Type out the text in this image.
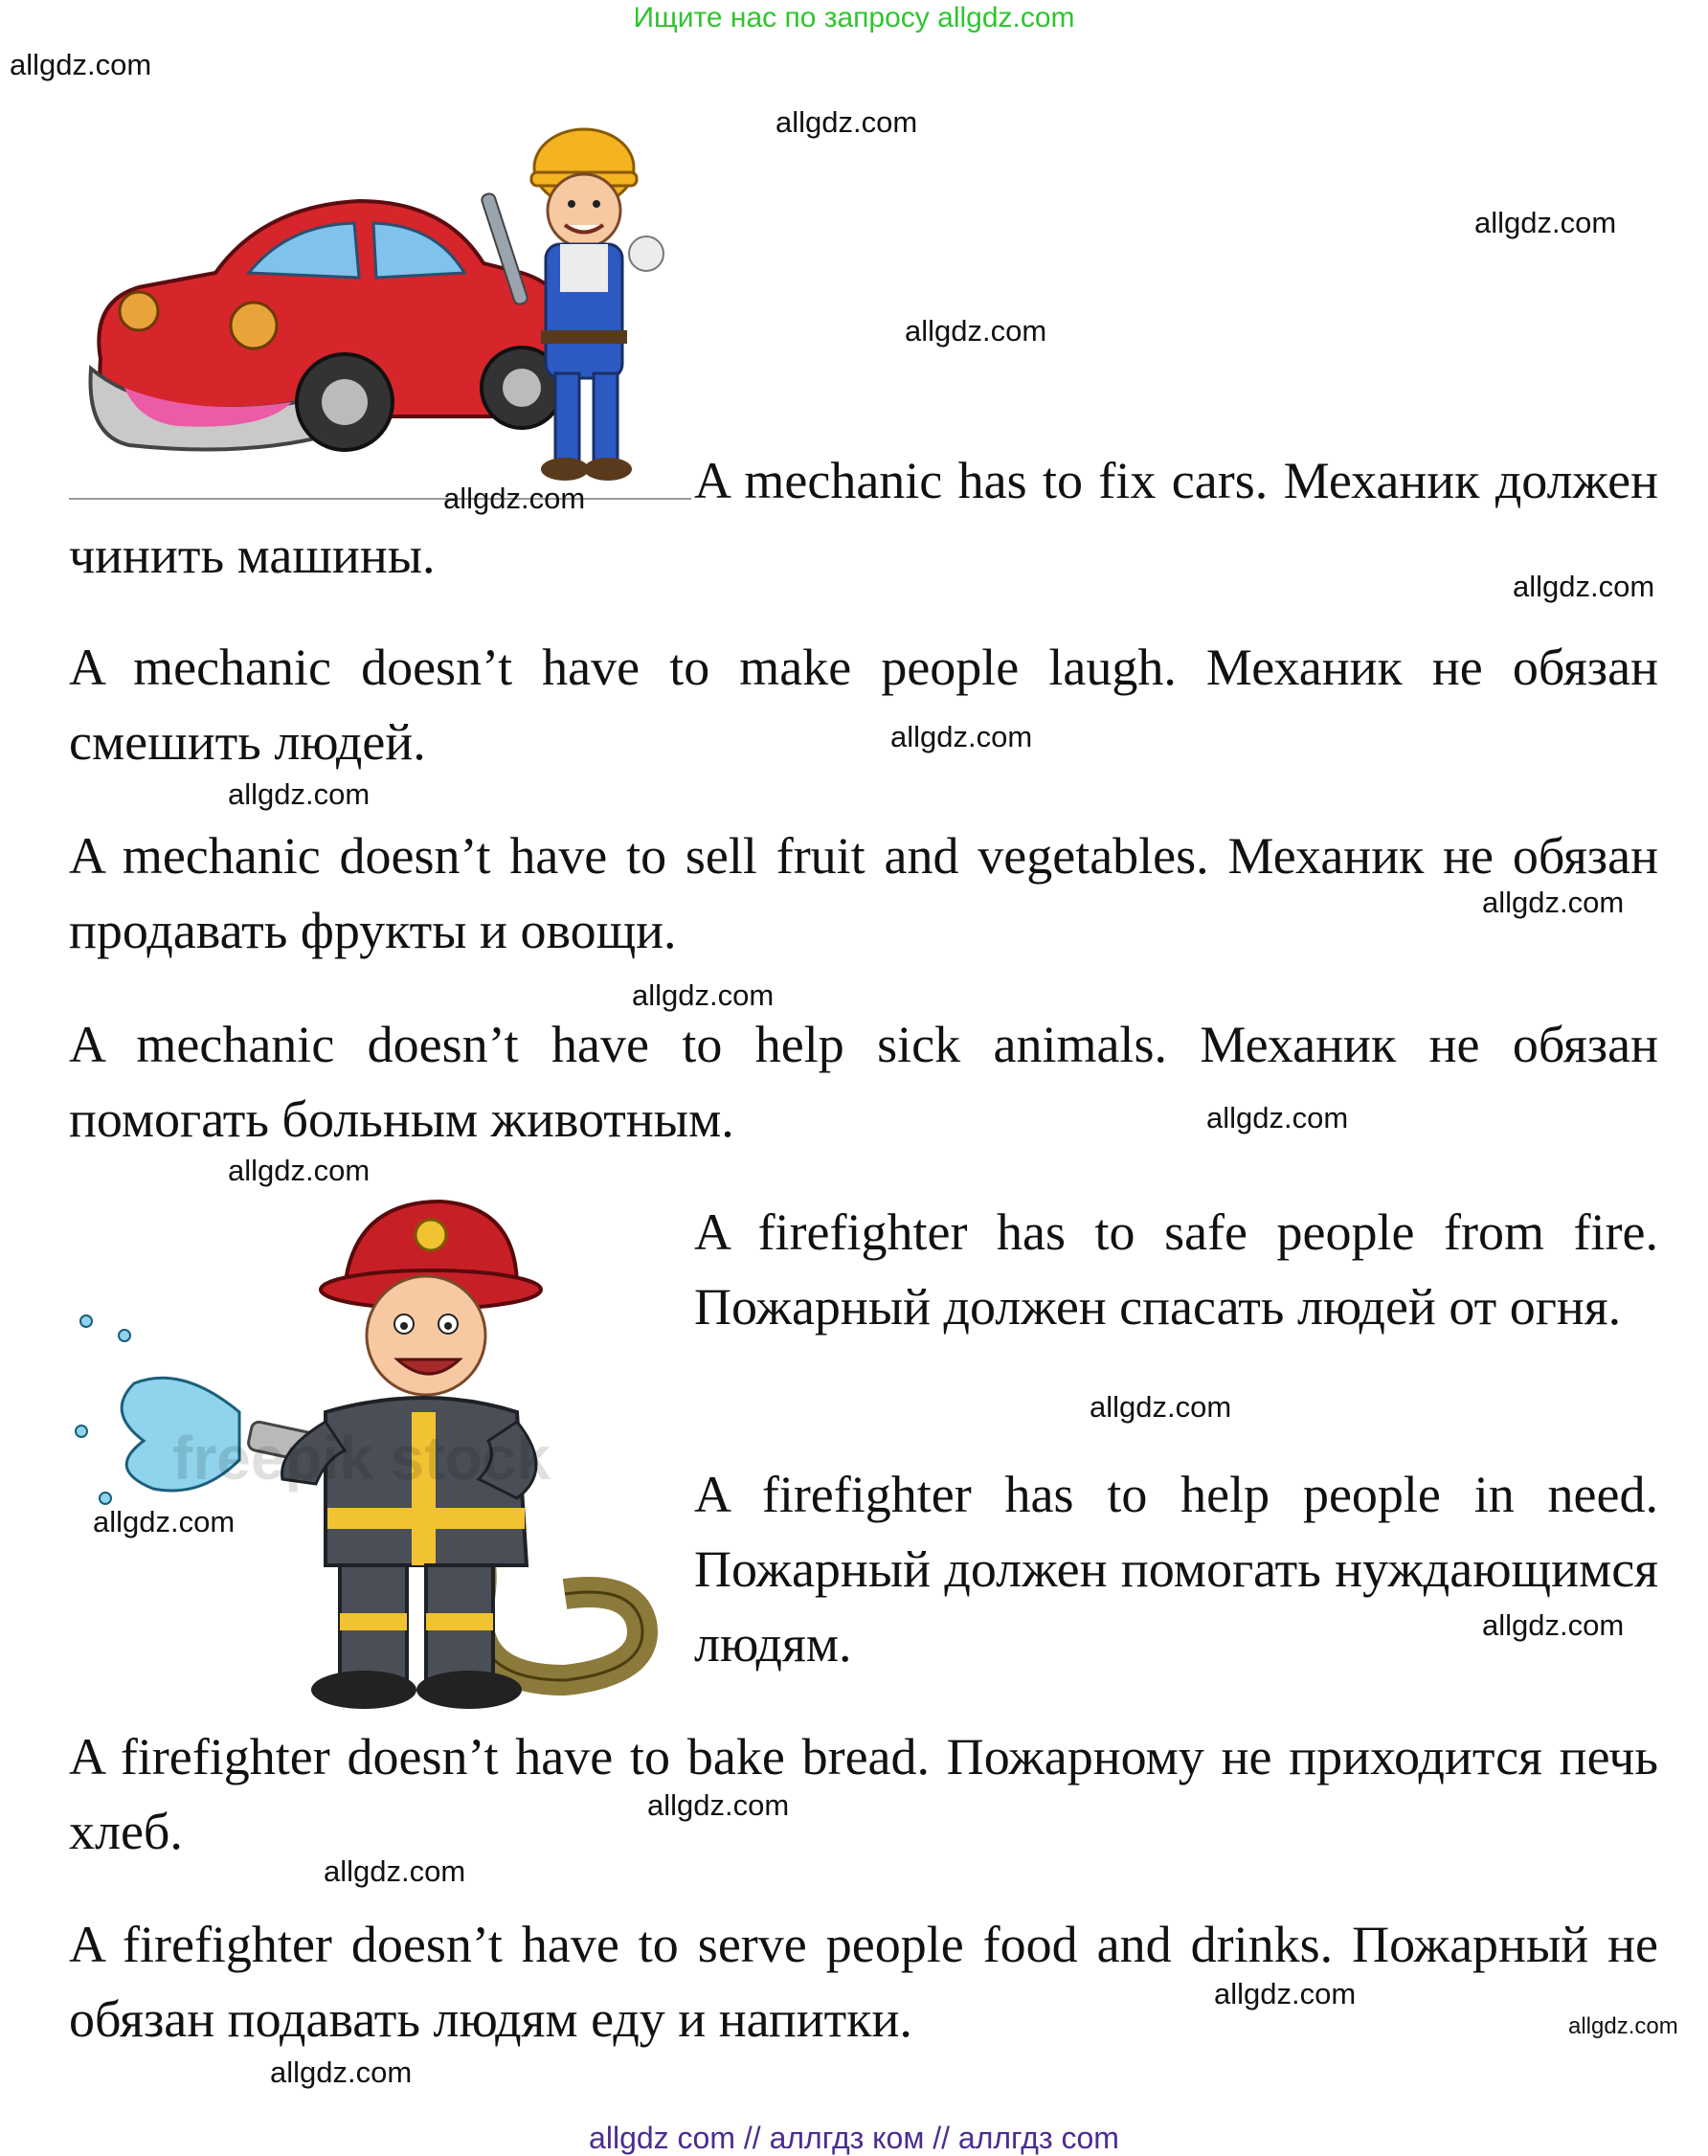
Ищите нас по запросу allgdz.com

A mechanic has to fix cars. Механик должен чинить машины.

A mechanic doesn’t have to make people laugh. Механик не обязан смешить людей.

A mechanic doesn’t have to sell fruit and vegetables. Механик не обязан продавать фрукты и овощи.

A mechanic doesn’t have to help sick animals. Механик не обязан помогать больным животным.

freepik stock

A firefighter has to safe people from fire. Пожарный должен спасать людей от огня.

A firefighter has to help people in need. Пожарный должен помогать нуждающимся людям.

A firefighter doesn’t have to bake bread. Пожарному не приходится печь хлеб.

A firefighter doesn’t have to serve people food and drinks. Пожарный не обязан подавать людям еду и напитки.

allgdz.com
allgdz.com
allgdz.com
allgdz.com
allgdz.com
allgdz.com
allgdz.com
allgdz.com
allgdz.com
allgdz.com
allgdz.com
allgdz.com
allgdz.com
allgdz.com
allgdz.com
allgdz.com
allgdz.com
allgdz.com
allgdz.com
allgdz.com
allgdz com // аллгдз ком // аллгдз com
